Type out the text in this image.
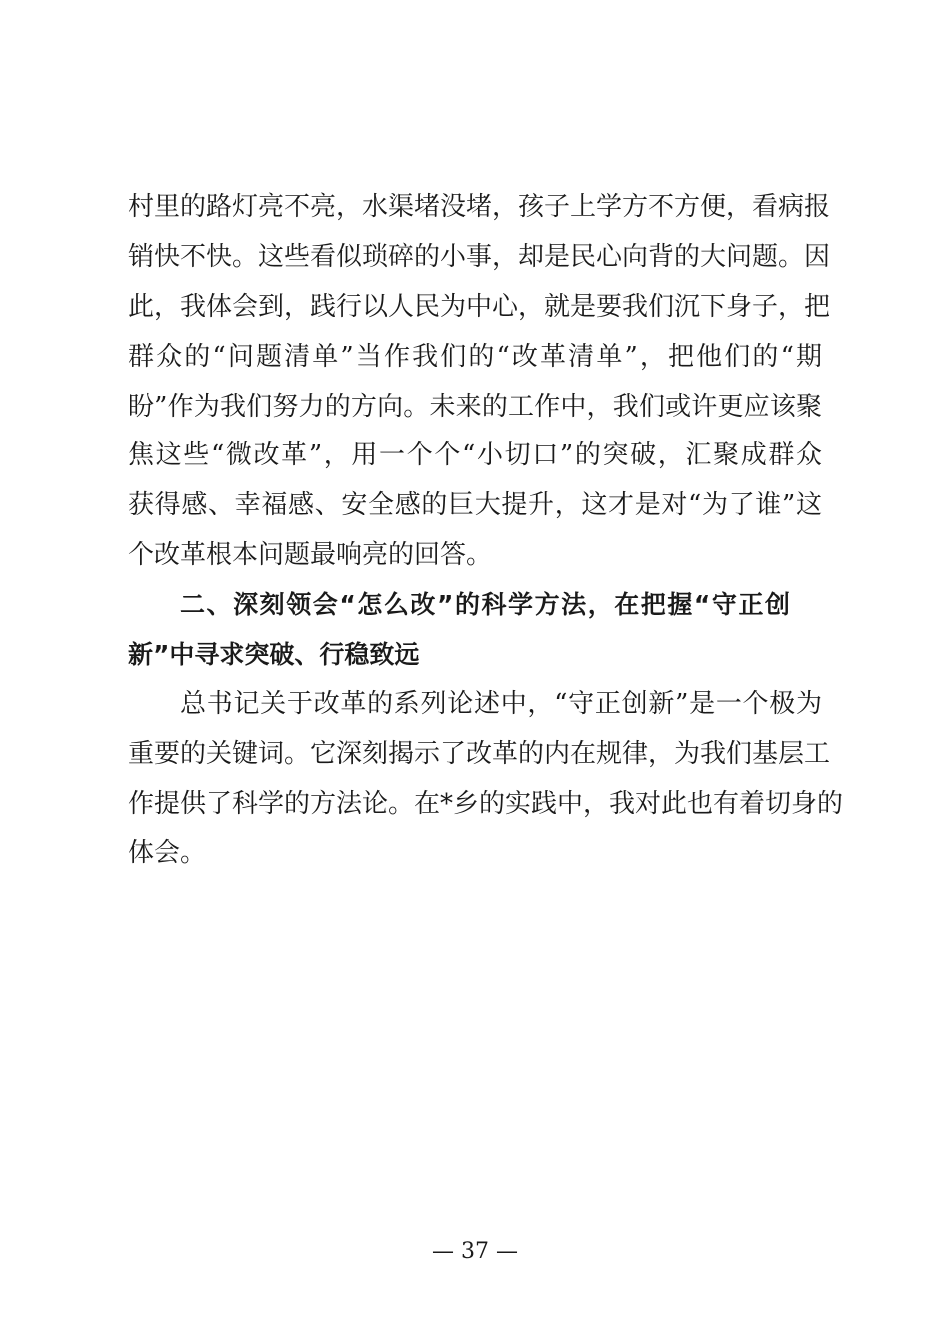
村里的路灯亮不亮，水渠堵没堵，孩子上学方不方便，看病报
销快不快。这些看似琐碎的小事，却是民心向背的大问题。因
此，我体会到，践行以人民为中心，就是要我们沉下身子，把
群众的“问题清单”当作我们的“改革清单”，把他们的“期
盼”作为我们努力的方向。未来的工作中，我们或许更应该聚
焦这些“微改革”，用一个个“小切口”的突破，汇聚成群众
获得感、幸福感、安全感的巨大提升，这才是对“为了谁”这
个改革根本问题最响亮的回答。
二、深刻领会“怎么改”的科学方法，在把握“守正创
新”中寻求突破、行稳致远
总书记关于改革的系列论述中，“守正创新”是一个极为
重要的关键词。它深刻揭示了改革的内在规律，为我们基层工
作提供了科学的方法论。在*乡的实践中，我对此也有着切身的
体会。
— 37 —
